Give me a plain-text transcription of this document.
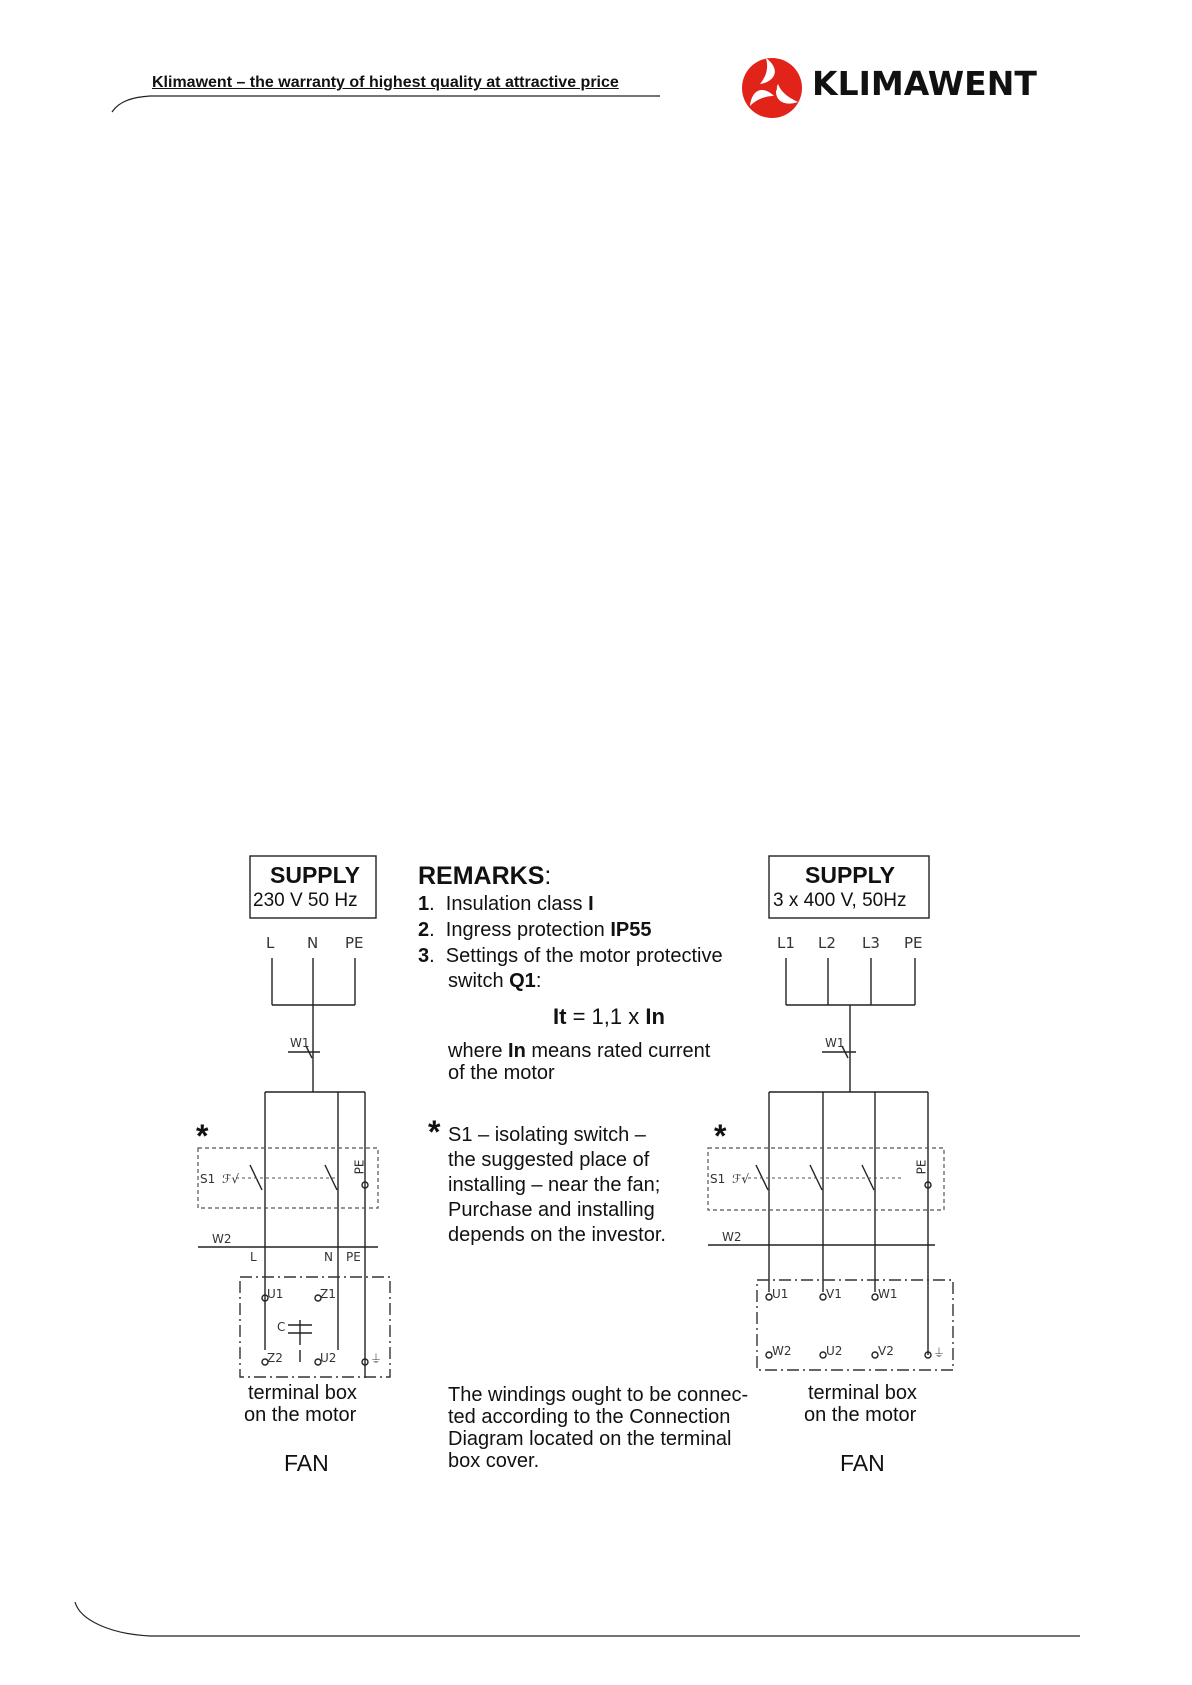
Klimawent – the warranty of highest quality at attractive price	KLIMAWENT
SUPPLY
230 V 50 Hz
L N PE
W1
*
S1 ℱ√
PE
W2
L	N PE
U1	Z1
Z2	U2
C
⏚
terminal box
on the motor
FAN
SUPPLY
3 x 400 V, 50Hz
L1 L2 L3 PE
W1
*
S1 ℱ√
PE
W2
U1	V1	W1
W2	U2	V2	⏚
terminal box
on the motor
FAN
REMARKS:
1.  Insulation class I
2.  Ingress protection IP55
3.  Settings of the motor protective
switch Q1:
It = 1,1 x In
where In means rated current
of the motor
* S1 – isolating switch –
the suggested place of
installing – near the fan;
Purchase and installing
depends on the investor.
The windings ought to be connec-
ted according to the Connection
Diagram located on the terminal
box cover.
